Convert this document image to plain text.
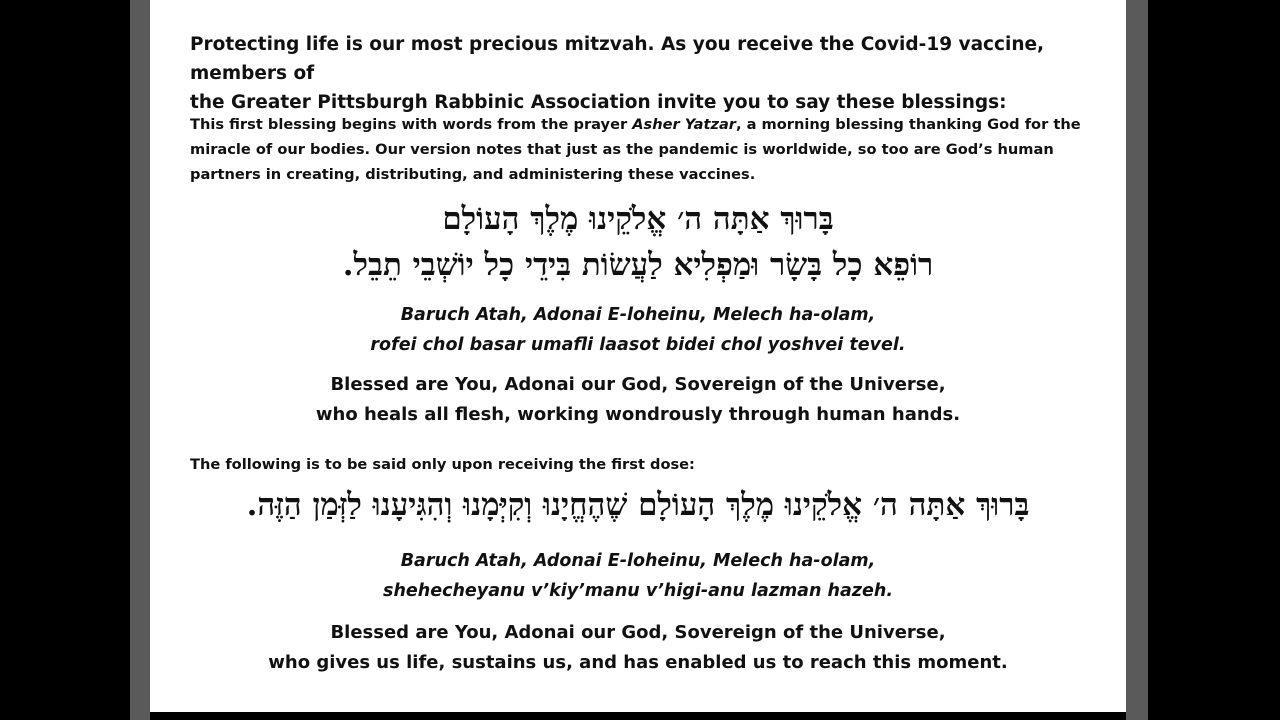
Protecting life is our most precious mitzvah. As you receive the Covid-19 vaccine, members of
the Greater Pittsburgh Rabbinic Association invite you to say these blessings:
This first blessing begins with words from the prayer Asher Yatzar, a morning blessing thanking God for the miracle of our bodies. Our version notes that just as the pandemic is worldwide, so too are God’s human partners in creating, distributing, and administering these vaccines.
בָּרוּךְ אַתָּה ה׳ אֱלֹקֵינוּ מֶלֶךְ הָעוֹלָם
רוֹפֵא כָל בָּשָׂר וּמַפְלִיא לַעֲשׂוֹת בִּידֵי כָל יוֹשְׁבֵי תֵבֵל.
Baruch Atah, Adonai E-loheinu, Melech ha-olam,
rofei chol basar umafli laasot bidei chol yoshvei tevel.
Blessed are You, Adonai our God, Sovereign of the Universe,
who heals all flesh, working wondrously through human hands.
The following is to be said only upon receiving the first dose:
בָּרוּךְ אַתָּה ה׳ אֱלֹקֵינוּ מֶלֶךְ הָעוֹלָם שֶׁהֶחֱיָנוּ וְקִיְּמָנוּ וְהִגִּיעָנוּ לַזְּמַן הַזֶּה.
Baruch Atah, Adonai E-loheinu, Melech ha-olam,
shehecheyanu v’kiy’manu v’higi-anu lazman hazeh.
Blessed are You, Adonai our God, Sovereign of the Universe,
who gives us life, sustains us, and has enabled us to reach this moment.
